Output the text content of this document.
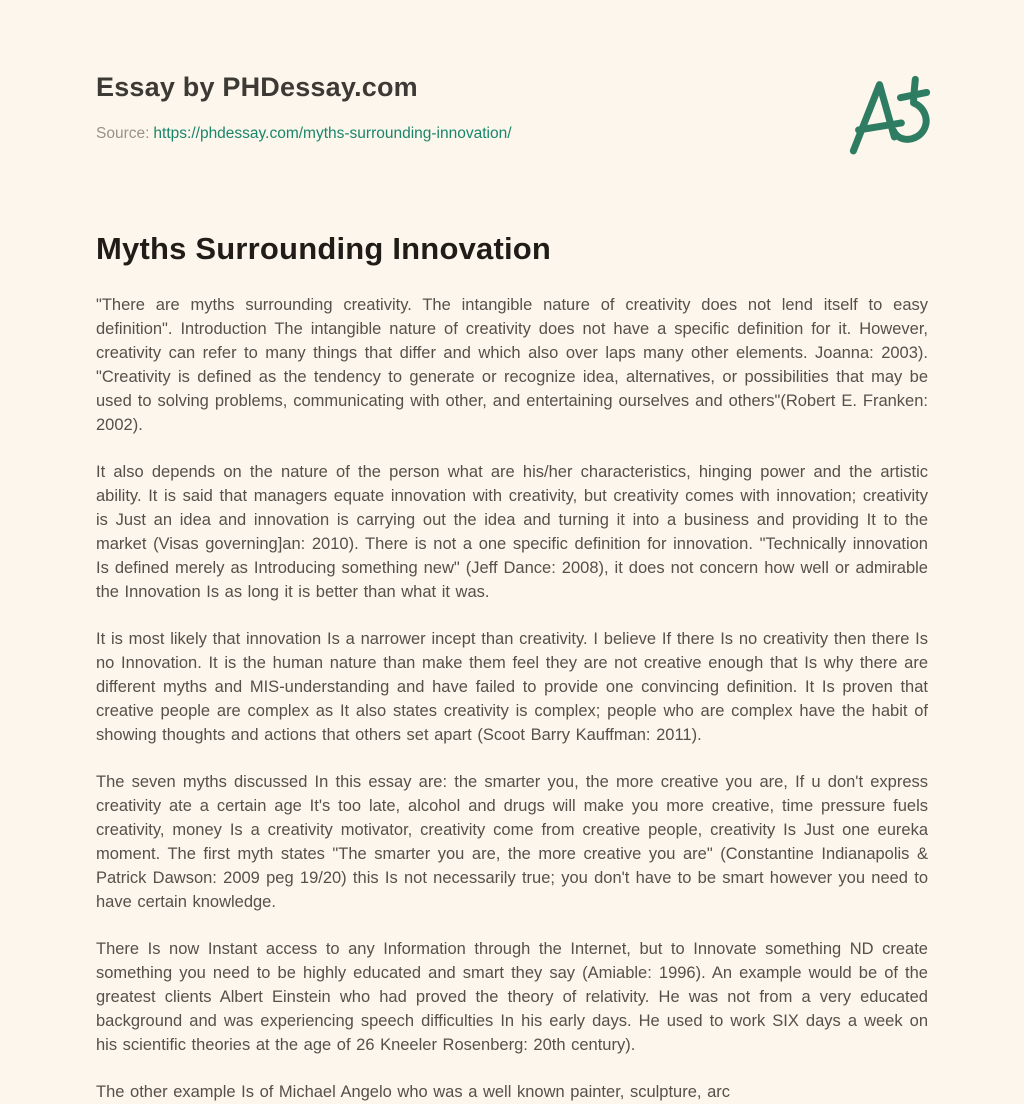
Essay by PHDessay.com
Source: https://phdessay.com/myths-surrounding-innovation/
Myths Surrounding Innovation

"There are myths surrounding creativity. The intangible nature of creativity does not lend itself to easy definition". Introduction The intangible nature of creativity does not have a specific definition for it. However, creativity can refer to many things that differ and which also over laps many other elements. Joanna: 2003). "Creativity is defined as the tendency to generate or recognize idea, alternatives, or possibilities that may be used to solving problems, communicating with other, and entertaining ourselves and others"(Robert E. Franken: 2002).

It also depends on the nature of the person what are his/her characteristics, hinging power and the artistic ability. It is said that managers equate innovation with creativity, but creativity comes with innovation; creativity is Just an idea and innovation is carrying out the idea and turning it into a business and providing It to the market (Visas governing]an: 2010). There is not a one specific definition for innovation. "Technically innovation Is defined merely as Introducing something new" (Jeff Dance: 2008), it does not concern how well or admirable the Innovation Is as long it is better than what it was.

It is most likely that innovation Is a narrower incept than creativity. I believe If there Is no creativity then there Is no Innovation. It is the human nature than make them feel they are not creative enough that Is why there are different myths and MIS-understanding and have failed to provide one convincing definition. It Is proven that creative people are complex as It also states creativity is complex; people who are complex have the habit of showing thoughts and actions that others set apart (Scoot Barry Kauffman: 2011).

The seven myths discussed In this essay are: the smarter you, the more creative you are, If u don't express creativity ate a certain age It's too late, alcohol and drugs will make you more creative, time pressure fuels creativity, money Is a creativity motivator, creativity come from creative people, creativity Is Just one eureka moment. The first myth states "The smarter you are, the more creative you are" (Constantine Indianapolis & Patrick Dawson: 2009 peg 19/20) this Is not necessarily true; you don't have to be smart however you need to have certain knowledge.

There Is now Instant access to any Information through the Internet, but to Innovate something ND create something you need to be highly educated and smart they say (Amiable: 1996). An example would be of the greatest clients Albert Einstein who had proved the theory of relativity. He was not from a very educated background and was experiencing speech difficulties In his early days. He used to work SIX days a week on his scientific theories at the age of 26 Kneeler Rosenberg: 20th century).

The other example Is of Michael Angelo who was a well known painter, sculpture, arc
